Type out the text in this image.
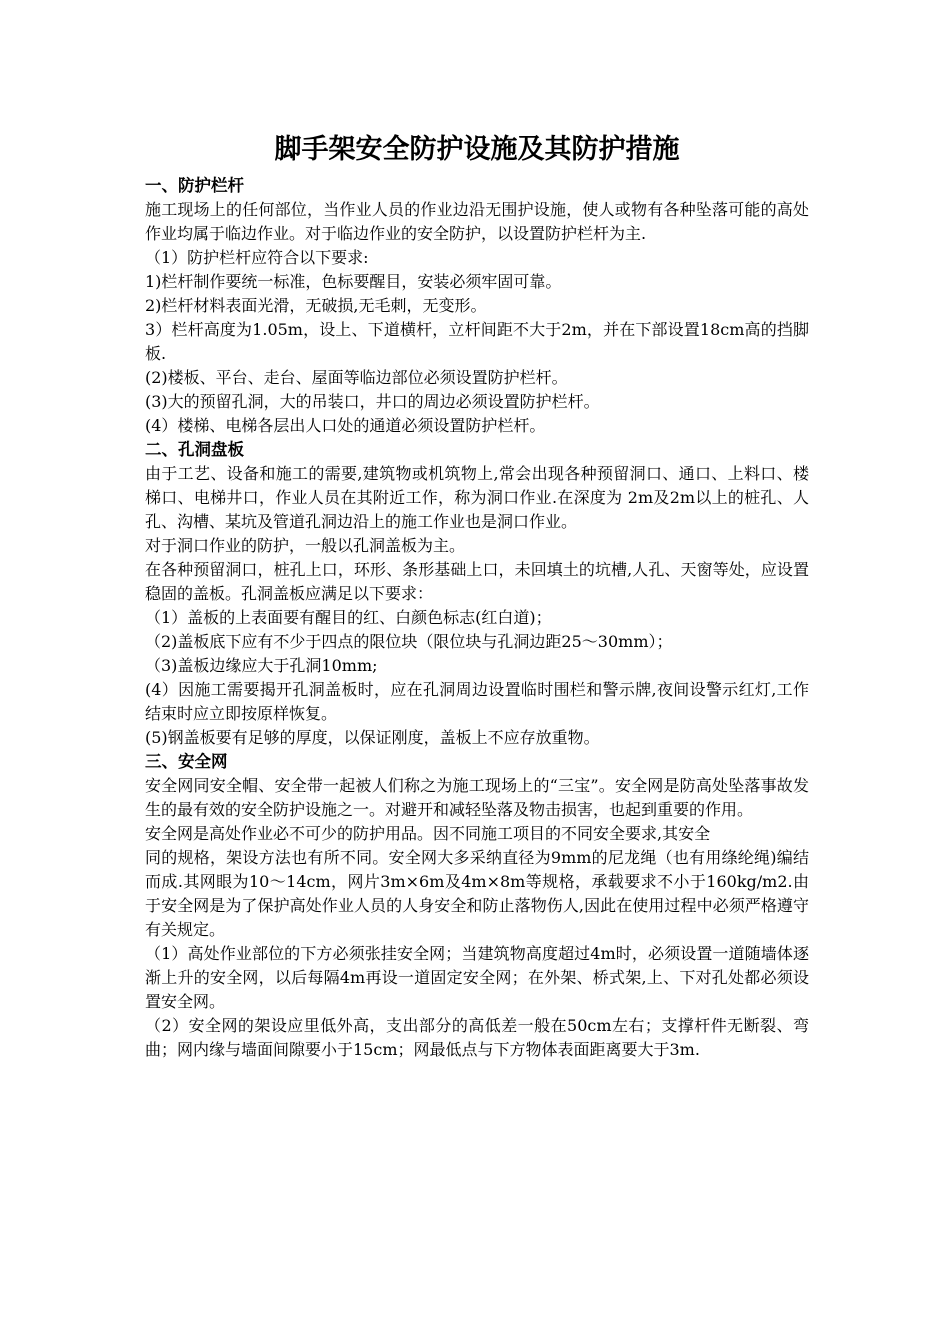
脚手架安全防护设施及其防护措施
一、防护栏杆

施工现场上的任何部位，当作业人员的作业边沿无围护设施，使人或物有各种坠落可能的高处作业均属于临边作业。对于临边作业的安全防护，以设置防护栏杆为主.

（1）防护栏杆应符合以下要求:

1)栏杆制作要统一标准，色标要醒目，安装必须牢固可靠。

2)栏杆材料表面光滑，无破损,无毛刺，无变形。

3）栏杆高度为1.05m，设上、下道横杆，立杆间距不大于2m，并在下部设置18cm高的挡脚板.

(2)楼板、平台、走台、屋面等临边部位必须设置防护栏杆。

(3)大的预留孔洞，大的吊装口，井口的周边必须设置防护栏杆。

(4）楼梯、电梯各层出人口处的通道必须设置防护栏杆。

二、孔洞盘板

由于工艺、设备和施工的需要,建筑物或机筑物上,常会出现各种预留洞口、通口、上料口、楼梯口、电梯井口，作业人员在其附近工作，称为洞口作业.在深度为 2m及2m以上的桩孔、人孔、沟槽、某坑及管道孔洞边沿上的施工作业也是洞口作业。

对于洞口作业的防护，一般以孔洞盖板为主。

在各种预留洞口，桩孔上口，环形、条形基础上口，未回填土的坑槽,人孔、天窗等处，应设置稳固的盖板。孔洞盖板应满足以下要求：

（1）盖板的上表面要有醒目的红、白颜色标志(红白道)；

（2)盖板底下应有不少于四点的限位块（限位块与孔洞边距25～30mm）；

（3)盖板边缘应大于孔洞10mm;

(4）因施工需要揭开孔洞盖板时，应在孔洞周边设置临时围栏和警示牌,夜间设警示红灯,工作结束时应立即按原样恢复。

(5)钢盖板要有足够的厚度，以保证刚度，盖板上不应存放重物。

三、安全网

安全网同安全帽、安全带一起被人们称之为施工现场上的“三宝”。安全网是防高处坠落事故发生的最有效的安全防护设施之一。对避开和减轻坠落及物击损害，也起到重要的作用。

安全网是高处作业必不可少的防护用品。因不同施工项目的不同安全要求,其安全

同的规格，架设方法也有所不同。安全网大多采纳直径为9mm的尼龙绳（也有用绦纶绳)编结而成.其网眼为10～14cm，网片3m×6m及4m×8m等规格，承载要求不小于160kg/m2.由于安全网是为了保护高处作业人员的人身安全和防止落物伤人,因此在使用过程中必须严格遵守有关规定。

（1）高处作业部位的下方必须张挂安全网；当建筑物高度超过4m时，必须设置一道随墙体逐渐上升的安全网，以后每隔4m再设一道固定安全网；在外架、桥式架,上、下对孔处都必须设置安全网。

（2）安全网的架设应里低外高，支出部分的高低差一般在50cm左右；支撑杆件无断裂、弯曲；网内缘与墙面间隙要小于15cm；网最低点与下方物体表面距离要大于3m.
